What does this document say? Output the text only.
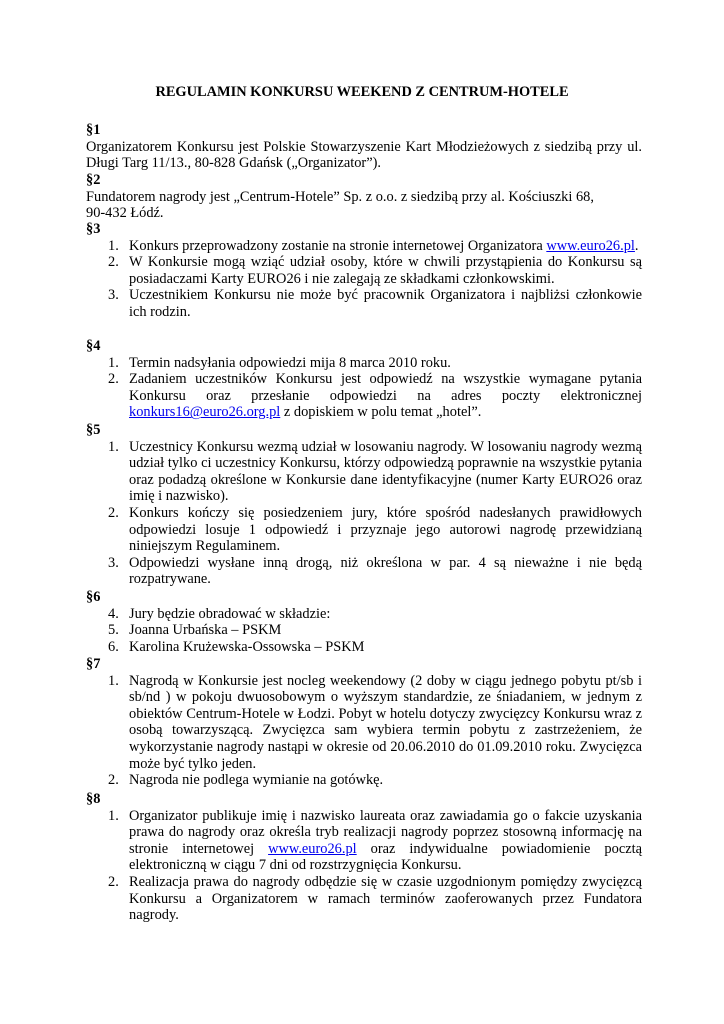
REGULAMIN KONKURSU WEEKEND Z CENTRUM-HOTELE
§1
Organizatorem Konkursu jest Polskie Stowarzyszenie Kart Młodzieżowych z siedzibą przy ul. Długi Targ 11/13., 80-828 Gdańsk („Organizator”).
§2
Fundatorem nagrody jest „Centrum-Hotele” Sp. z o.o. z siedzibą przy al. Kościuszki 68,
90-432 Łódź.
§3
1. Konkurs przeprowadzony zostanie na stronie internetowej Organizatora www.euro26.pl.
2. W Konkursie mogą wziąć udział osoby, które w chwili przystąpienia do Konkursu są posiadaczami Karty EURO26 i nie zalegają ze składkami członkowskimi.
3. Uczestnikiem Konkursu nie może być pracownik Organizatora i najbliżsi członkowie ich rodzin.
§4
1. Termin nadsyłania odpowiedzi mija 8 marca 2010 roku.
2. Zadaniem uczestników Konkursu jest odpowiedź na wszystkie wymagane pytania Konkursu oraz przesłanie odpowiedzi na adres poczty elektronicznej konkurs16@euro26.org.pl z dopiskiem w polu temat „hotel”.
§5
1. Uczestnicy Konkursu wezmą udział w losowaniu nagrody. W losowaniu nagrody wezmą udział tylko ci uczestnicy Konkursu, którzy odpowiedzą poprawnie na wszystkie pytania oraz podadzą określone w Konkursie dane identyfikacyjne (numer Karty EURO26 oraz imię i nazwisko).
2. Konkurs kończy się posiedzeniem jury, które spośród nadesłanych prawidłowych odpowiedzi losuje 1 odpowiedź i przyznaje jego autorowi nagrodę przewidzianą niniejszym Regulaminem.
3. Odpowiedzi wysłane inną drogą, niż określona w par. 4 są nieważne i nie będą rozpatrywane.
§6
4. Jury będzie obradować w składzie:
5. Joanna Urbańska – PSKM
6. Karolina Krużewska-Ossowska – PSKM
§7
1. Nagrodą w Konkursie jest nocleg weekendowy (2 doby w ciągu jednego pobytu pt/sb i sb/nd ) w pokoju dwuosobowym o wyższym standardzie, ze śniadaniem, w jednym z obiektów Centrum-Hotele w Łodzi. Pobyt w hotelu dotyczy zwycięzcy Konkursu wraz z osobą towarzyszącą. Zwycięzca sam wybiera termin pobytu z zastrzeżeniem, że wykorzystanie nagrody nastąpi w okresie od 20.06.2010 do 01.09.2010 roku. Zwycięzca może być tylko jeden.
2. Nagroda nie podlega wymianie na gotówkę.
§8
1. Organizator publikuje imię i nazwisko laureata oraz zawiadamia go o fakcie uzyskania prawa do nagrody oraz określa tryb realizacji nagrody poprzez stosowną informację na stronie internetowej www.euro26.pl oraz indywidualne powiadomienie pocztą elektroniczną w ciągu 7 dni od rozstrzygnięcia Konkursu.
2. Realizacja prawa do nagrody odbędzie się w czasie uzgodnionym pomiędzy zwycięzcą Konkursu a Organizatorem w ramach terminów zaoferowanych przez Fundatora nagrody.
